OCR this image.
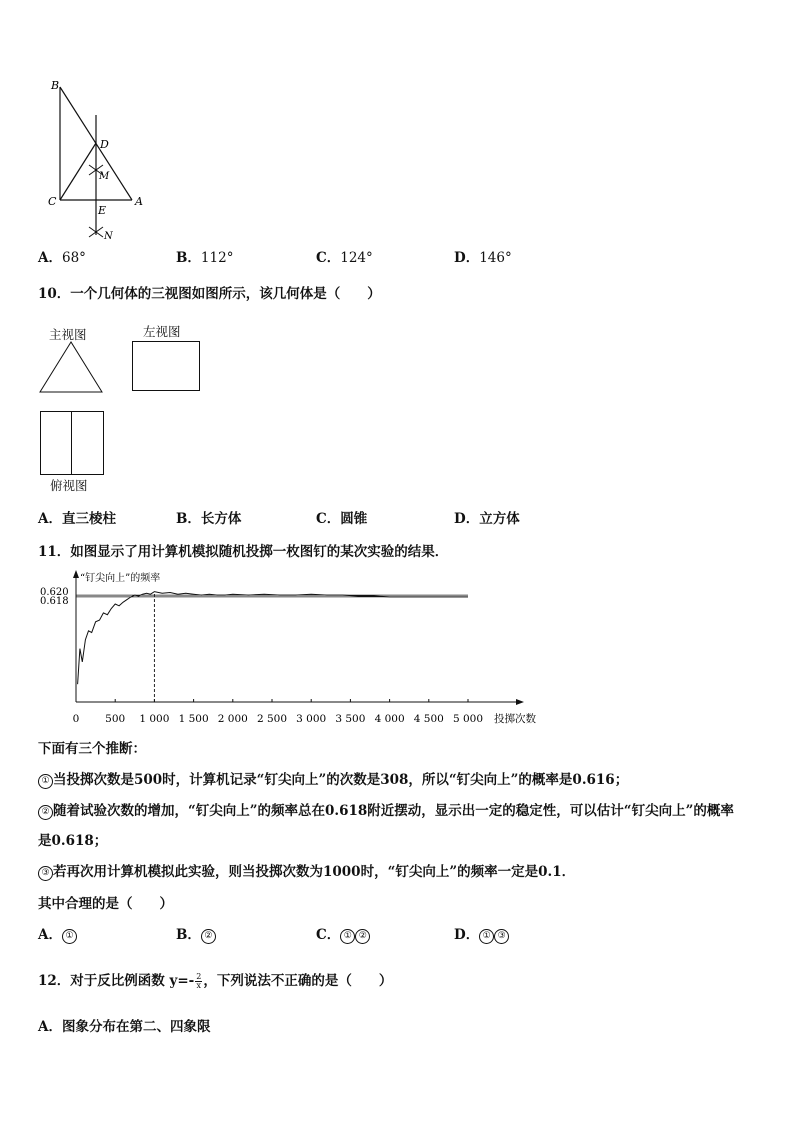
B
D
M
C	A
E
N
A．68°	B．112°	C．124°	D．146°
10．一个几何体的三视图如图所示，该几何体是（　　）
主视图	左视图
俯视图
A．直三棱柱	B．长方体	C．圆锥	D．立方体
11．如图显示了用计算机模拟随机投掷一枚图钉的某次实验的结果．
“钉尖向上”的频率
投掷次数
0.620
0.618
0 500 1 000 1 500 2 000 2 500 3 000 3 500 4 000 4 500 5 000
下面有三个推断：
① 当投掷次数是500时，计算机记录“钉尖向上”的次数是308，所以“钉尖向上”的概率是0.616；
② 随着试验次数的增加，“钉尖向上”的频率总在0.618附近摆动，显示出一定的稳定性，可以估计“钉尖向上”的概率
是0.618；
③ 若再次用计算机模拟此实验，则当投掷次数为1000时，“钉尖向上”的频率一定是0.1．
其中合理的是（　　）
A． ①	B． ②	C． ① ②	D． ① ③
12．对于反比例函数 $y=- \frac{2}{x}$ ，下列说法不正确的是（　　）
A．图象分布在第二、四象限
